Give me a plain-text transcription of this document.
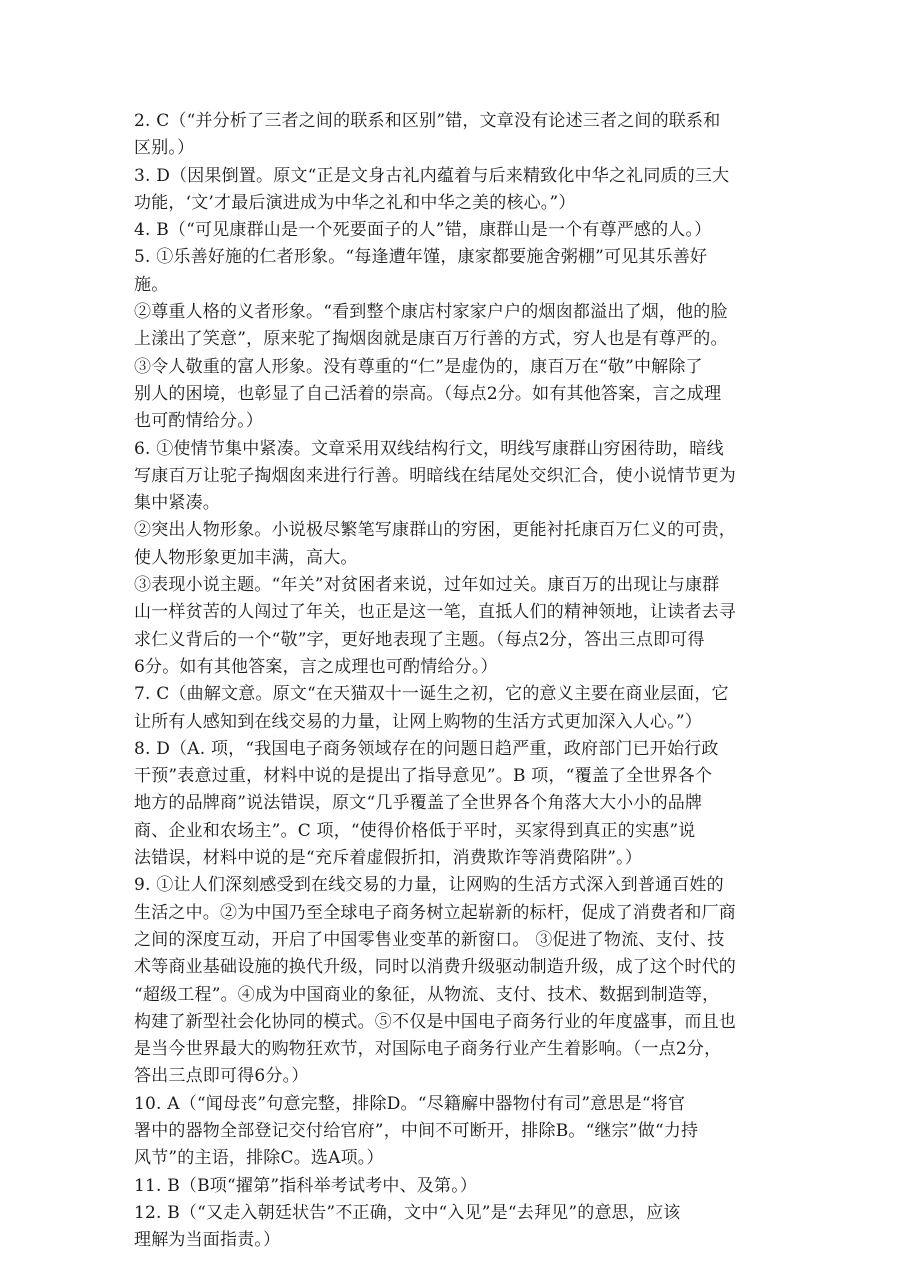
2. C（“并分析了三者之间的联系和区别”错，文章没有论述三者之间的联系和
区别。）
3. D（因果倒置。原文“正是文身古礼内蕴着与后来精致化中华之礼同质的三大
功能，‘文’才最后演进成为中华之礼和中华之美的核心。”）
4. B（“可见康群山是一个死要面子的人”错，康群山是一个有尊严感的人。）
5. ①乐善好施的仁者形象。“每逢遭年馑，康家都要施舍粥棚”可见其乐善好
施。
②尊重人格的义者形象。“看到整个康店村家家户户的烟囱都溢出了烟，他的脸
上漾出了笑意”，原来驼了掏烟囱就是康百万行善的方式，穷人也是有尊严的。
③令人敬重的富人形象。没有尊重的“仁”是虚伪的，康百万在“敬”中解除了
别人的困境，也彰显了自己活着的崇高。（每点2分。如有其他答案，言之成理
也可酌情给分。）
6. ①使情节集中紧凑。文章采用双线结构行文，明线写康群山穷困待助，暗线
写康百万让驼子掏烟囱来进行行善。明暗线在结尾处交织汇合，使小说情节更为
集中紧凑。
②突出人物形象。小说极尽繁笔写康群山的穷困，更能衬托康百万仁义的可贵，
使人物形象更加丰满，高大。
③表现小说主题。“年关”对贫困者来说，过年如过关。康百万的出现让与康群
山一样贫苦的人闯过了年关，也正是这一笔，直抵人们的精神领地，让读者去寻
求仁义背后的一个“敬”字，更好地表现了主题。（每点2分，答出三点即可得
6分。如有其他答案，言之成理也可酌情给分。）
7. C（曲解文意。原文“在天猫双十一诞生之初，它的意义主要在商业层面，它
让所有人感知到在线交易的力量，让网上购物的生活方式更加深入人心。”）
8. D（A. 项，“我国电子商务领域存在的问题日趋严重，政府部门已开始行政
干预”表意过重，材料中说的是提出了指导意见”。B 项，“覆盖了全世界各个
地方的品牌商”说法错误，原文“几乎覆盖了全世界各个角落大大小小的品牌
商、企业和农场主”。C 项，“使得价格低于平时，买家得到真正的实惠”说
法错误，材料中说的是“充斥着虚假折扣，消费欺诈等消费陷阱”。）
9. ①让人们深刻感受到在线交易的力量，让网购的生活方式深入到普通百姓的
生活之中。②为中国乃至全球电子商务树立起崭新的标杆，促成了消费者和厂商
之间的深度互动，开启了中国零售业变革的新窗口。 ③促进了物流、支付、技
术等商业基础设施的换代升级，同时以消费升级驱动制造升级，成了这个时代的
“超级工程”。④成为中国商业的象征，从物流、支付、技术、数据到制造等，
构建了新型社会化协同的模式。⑤不仅是中国电子商务行业的年度盛事，而且也
是当今世界最大的购物狂欢节，对国际电子商务行业产生着影响。（一点2分，
答出三点即可得6分。）
10. A（“闻母丧”句意完整，排除D。“尽籍廨中器物付有司”意思是“将官
署中的器物全部登记交付给官府”，中间不可断开，排除B。“继宗”做“力持
风节”的主语，排除C。选A项。）
11. B（B项“擢第”指科举考试考中、及第。）
12. B（“又走入朝廷状告”不正确，文中“入见”是“去拜见”的意思，应该
理解为当面指责。）
